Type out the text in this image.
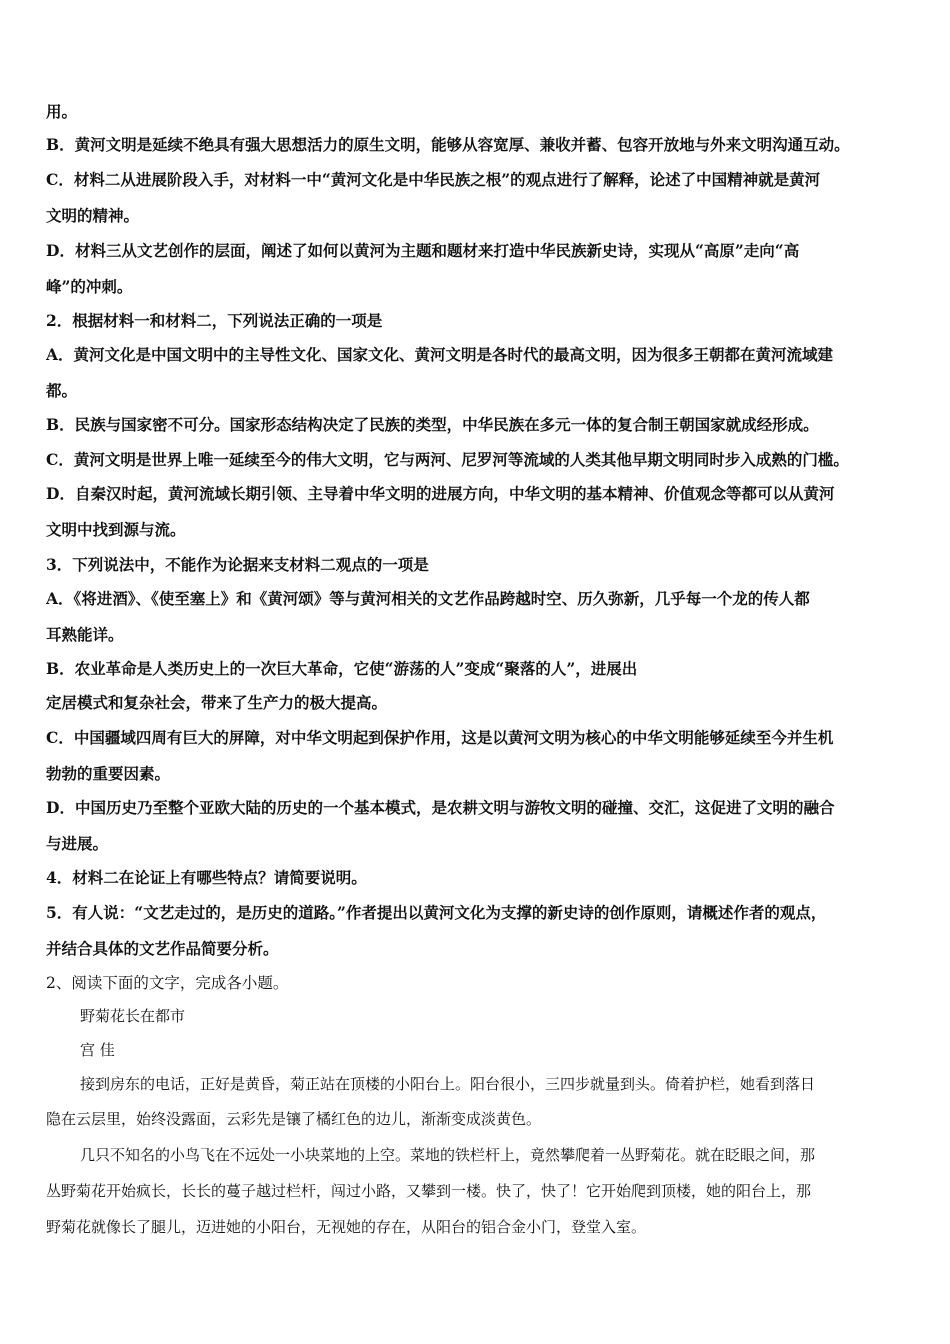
用。
B．黄河文明是延续不绝具有强大思想活力的原生文明，能够从容宽厚、兼收并蓄、包容开放地与外来文明沟通互动。
C．材料二从进展阶段入手，对材料一中“黄河文化是中华民族之根”的观点进行了解释，论述了中国精神就是黄河
文明的精神。
D．材料三从文艺创作的层面，阐述了如何以黄河为主题和题材来打造中华民族新史诗，实现从“高原”走向“高
峰”的冲刺。
2．根据材料一和材料二，下列说法正确的一项是
A．黄河文化是中国文明中的主导性文化、国家文化、黄河文明是各时代的最高文明，因为很多王朝都在黄河流域建
都。
B．民族与国家密不可分。国家形态结构决定了民族的类型，中华民族在多元一体的复合制王朝国家就成经形成。
C．黄河文明是世界上唯一延续至今的伟大文明，它与两河、尼罗河等流域的人类其他早期文明同时步入成熟的门槛。
D．自秦汉时起，黄河流域长期引领、主导着中华文明的进展方向，中华文明的基本精神、价值观念等都可以从黄河
文明中找到源与流。
3．下列说法中，不能作为论据来支材料二观点的一项是
A．《将进酒》、《使至塞上》和《黄河颂》等与黄河相关的文艺作品跨越时空、历久弥新，几乎每一个龙的传人都
耳熟能详。
B．农业革命是人类历史上的一次巨大革命，它使“游荡的人”变成“聚落的人”，进展出
定居模式和复杂社会，带来了生产力的极大提高。
C．中国疆域四周有巨大的屏障，对中华文明起到保护作用，这是以黄河文明为核心的中华文明能够延续至今并生机
勃勃的重要因素。
D．中国历史乃至整个亚欧大陆的历史的一个基本模式，是农耕文明与游牧文明的碰撞、交汇，这促进了文明的融合
与进展。
4．材料二在论证上有哪些特点？请简要说明。
5．有人说：“文艺走过的，是历史的道路。”作者提出以黄河文化为支撑的新史诗的创作原则，请概述作者的观点，
并结合具体的文艺作品简要分析。
2、阅读下面的文字，完成各小题。
野菊花长在都市
宫 佳
接到房东的电话，正好是黄昏，菊正站在顶楼的小阳台上。阳台很小，三四步就量到头。倚着护栏，她看到落日
隐在云层里，始终没露面，云彩先是镶了橘红色的边儿，渐渐变成淡黄色。
几只不知名的小鸟飞在不远处一小块菜地的上空。菜地的铁栏杆上，竟然攀爬着一丛野菊花。就在眨眼之间，那
丛野菊花开始疯长，长长的蔓子越过栏杆，闯过小路，又攀到一楼。快了，快了！它开始爬到顶楼，她的阳台上，那
野菊花就像长了腿儿，迈进她的小阳台，无视她的存在，从阳台的铝合金小门，登堂入室。
